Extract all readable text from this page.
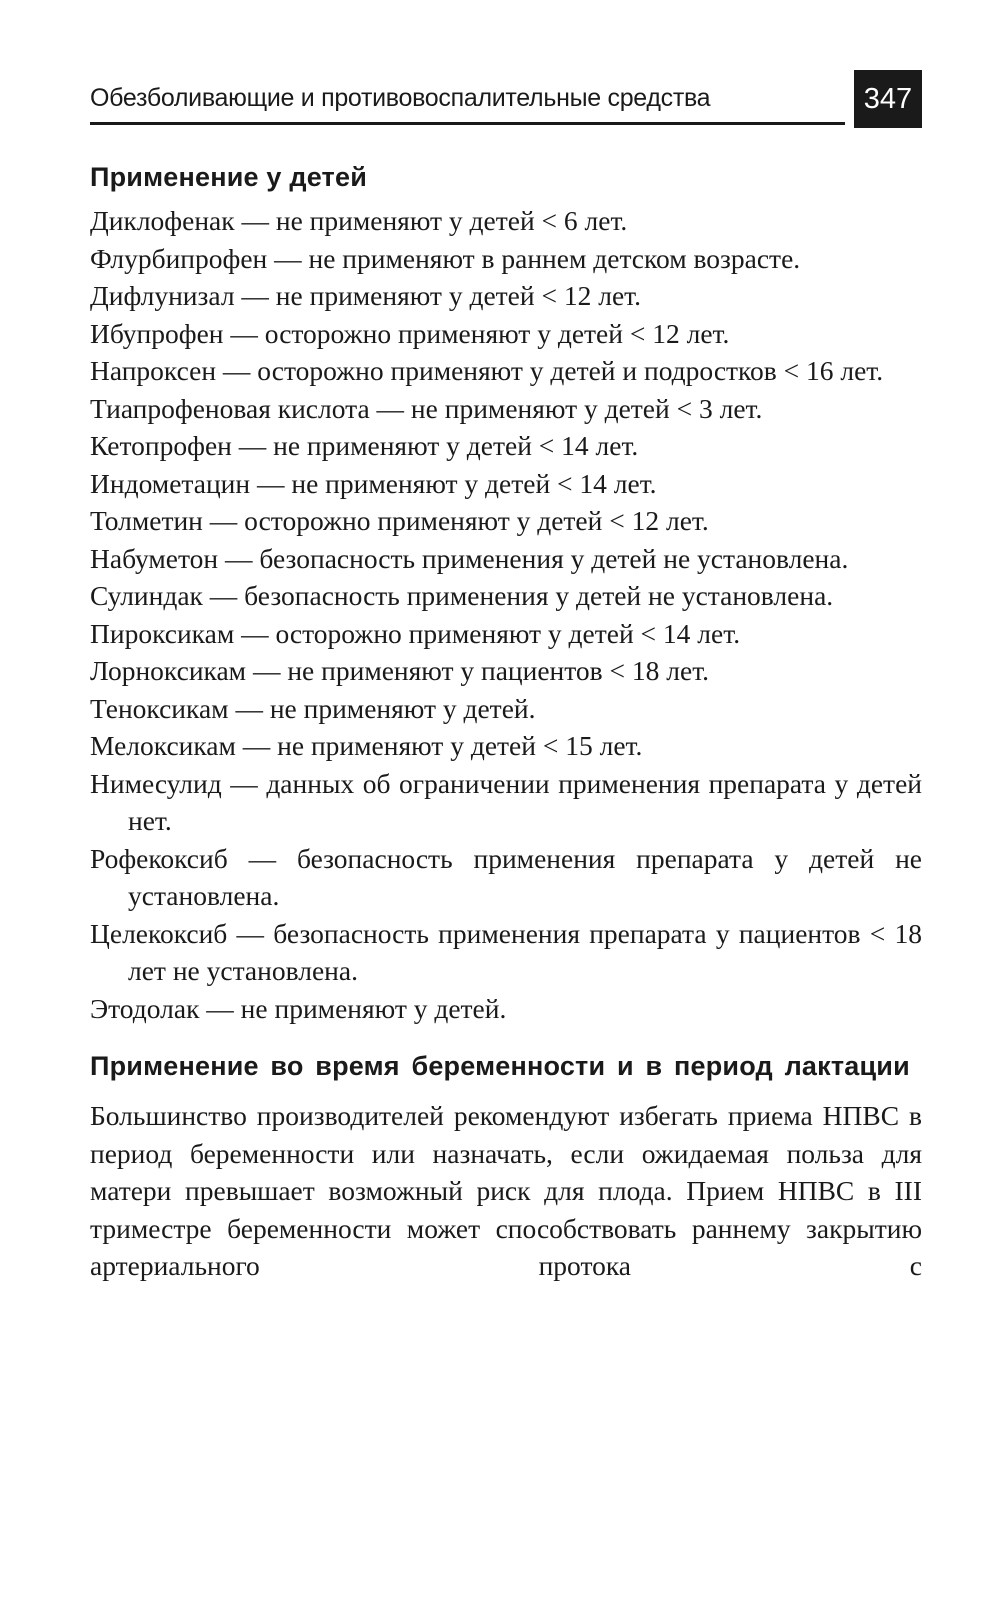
Обезболивающие и противовоспалительные средства	347
Применение у детей
Диклофенак — не применяют у детей < 6 лет.
Флурбипрофен — не применяют в раннем детском возрасте.
Дифлунизал — не применяют у детей < 12 лет.
Ибупрофен — осторожно применяют у детей < 12 лет.
Напроксен — осторожно применяют у детей и подростков < 16 лет.
Тиапрофеновая кислота — не применяют у детей < 3 лет.
Кетопрофен — не применяют у детей < 14 лет.
Индометацин — не применяют у детей < 14 лет.
Толметин — осторожно применяют у детей < 12 лет.
Набуметон — безопасность применения у детей не установлена.
Сулиндак — безопасность применения у детей не установлена.
Пироксикам — осторожно применяют у детей < 14 лет.
Лорноксикам — не применяют у пациентов < 18 лет.
Теноксикам — не применяют у детей.
Мелоксикам — не применяют у детей < 15 лет.
Нимесулид — данных об ограничении применения препарата у детей нет.
Рофекоксиб — безопасность применения препарата у детей не установлена.
Целекоксиб — безопасность применения препарата у пациентов < 18 лет не установлена.
Этодолак — не применяют у детей.
Применение во время беременности и в период лактации

Большинство производителей рекомендуют избегать приема НПВС в период беременности или назначать, если ожидаемая польза для матери превышает возможный риск для плода. Прием НПВС в III триместре беременности может способствовать раннему закрытию артериального протока с
